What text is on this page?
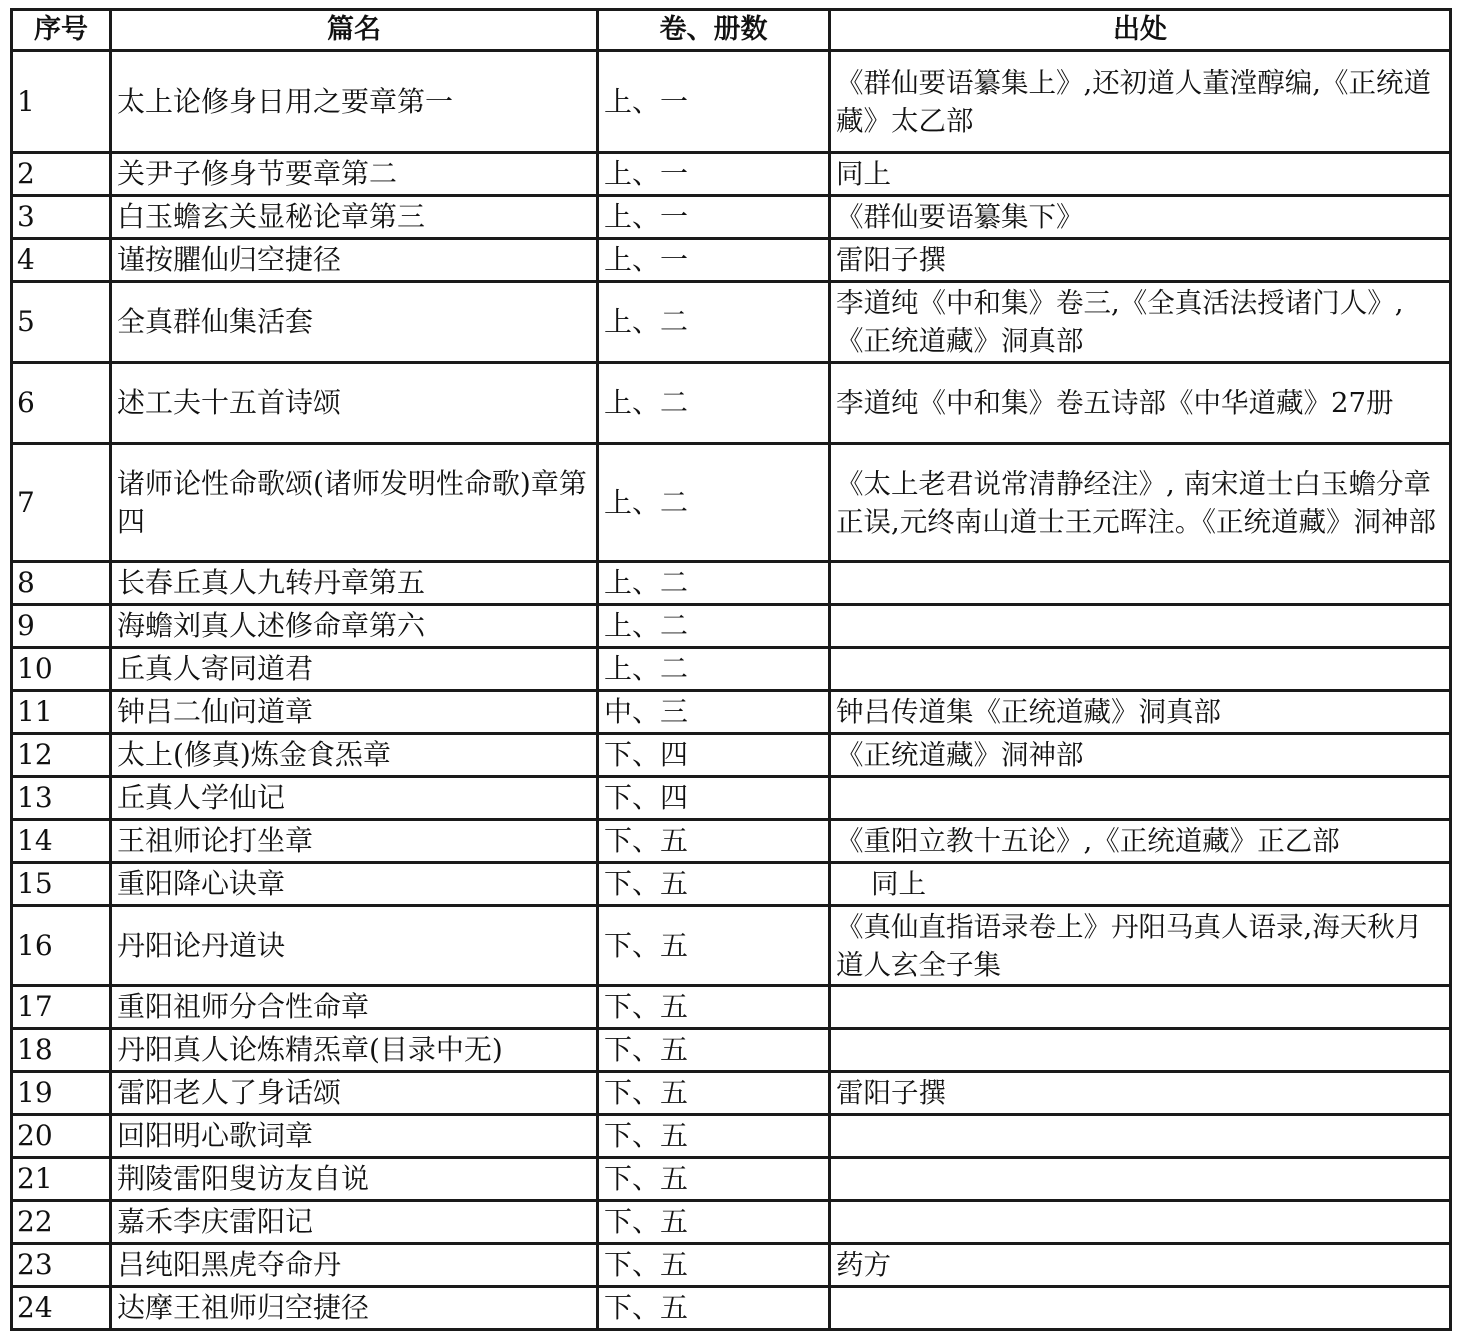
序号	篇名	卷、册数	出处
1	太上论修身日用之要章第一	上、一	《群仙要语纂集上》,还初道人董漟醇编,《正统道藏》太乙部
2	关尹子修身节要章第二	上、一	同上
3	白玉蟾玄关显秘论章第三	上、一	《群仙要语纂集下》
4	谨按臞仙归空捷径	上、一	雷阳子撰
5	全真群仙集活套	上、二	李道纯《中和集》卷三,《全真活法授诸门人》,《正统道藏》洞真部
6	述工夫十五首诗颂	上、二	李道纯《中和集》卷五诗部《中华道藏》27册
7	诸师论性命歌颂(诸师发明性命歌)章第四	上、二	《太上老君说常清静经注》, 南宋道士白玉蟾分章正误,元终南山道士王元晖注。《正统道藏》洞神部
8	长春丘真人九转丹章第五	上、二	
9	海蟾刘真人述修命章第六	上、二	
10	丘真人寄同道君	上、二	
11	钟吕二仙问道章	中、三	钟吕传道集《正统道藏》洞真部
12	太上(修真)炼金食炁章	下、四	《正统道藏》洞神部
13	丘真人学仙记	下、四	
14	王祖师论打坐章	下、五	《重阳立教十五论》,《正统道藏》正乙部
15	重阳降心诀章	下、五	同上
16	丹阳论丹道诀	下、五	《真仙直指语录卷上》丹阳马真人语录,海天秋月道人玄全子集
17	重阳祖师分合性命章	下、五	
18	丹阳真人论炼精炁章(目录中无)	下、五	
19	雷阳老人了身话颂	下、五	雷阳子撰
20	回阳明心歌词章	下、五	
21	荆陵雷阳叟访友自说	下、五	
22	嘉禾李庆雷阳记	下、五	
23	吕纯阳黑虎夺命丹	下、五	药方
24	达摩王祖师归空捷径	下、五	
